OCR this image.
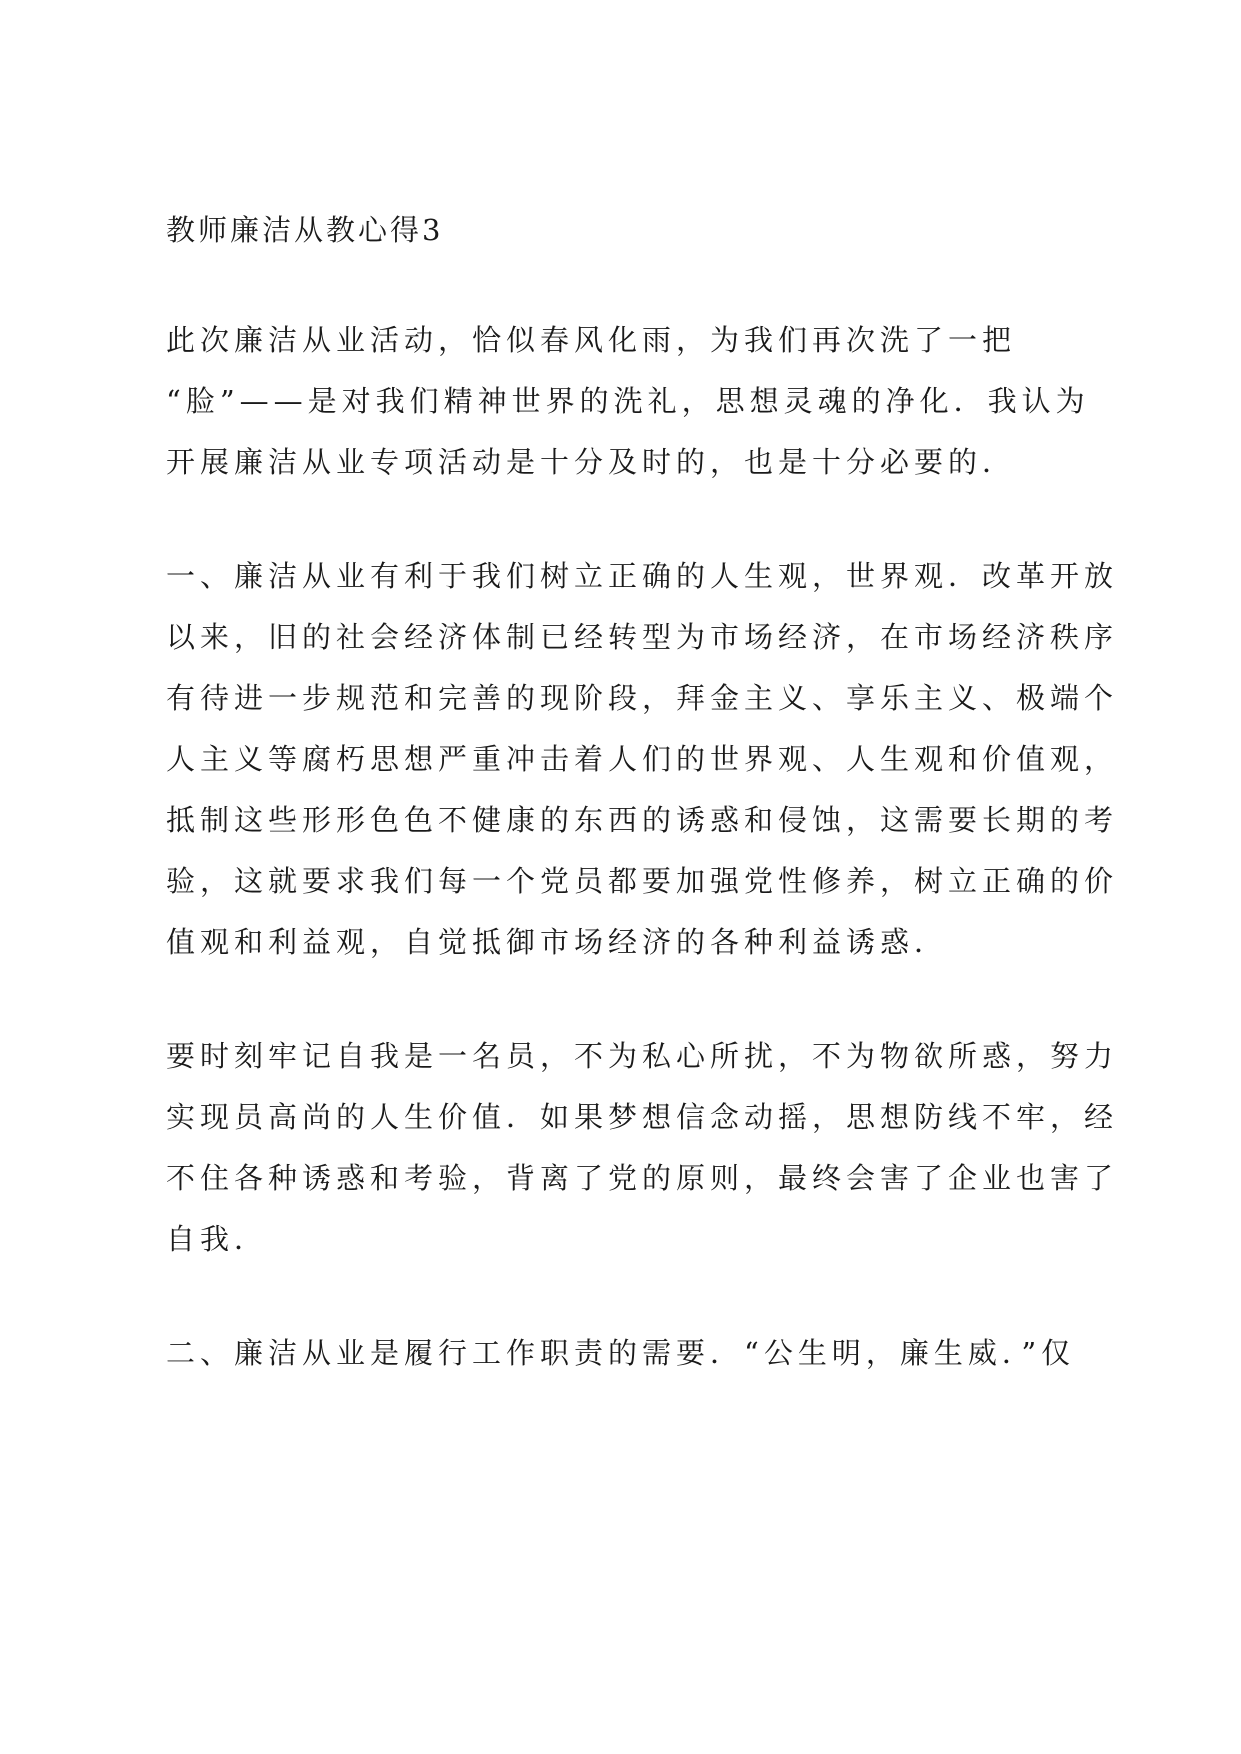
教师廉洁从教心得3

此次廉洁从业活动，恰似春风化雨，为我们再次洗了一把

“脸”——是对我们精神世界的洗礼，思想灵魂的净化．我认为

开展廉洁从业专项活动是十分及时的，也是十分必要的．

一、廉洁从业有利于我们树立正确的人生观，世界观．改革开放

以来，旧的社会经济体制已经转型为市场经济，在市场经济秩序

有待进一步规范和完善的现阶段，拜金主义、享乐主义、极端个

人主义等腐朽思想严重冲击着人们的世界观、人生观和价值观，

抵制这些形形色色不健康的东西的诱惑和侵蚀，这需要长期的考

验，这就要求我们每一个党员都要加强党性修养，树立正确的价

值观和利益观，自觉抵御市场经济的各种利益诱惑．

要时刻牢记自我是一名员，不为私心所扰，不为物欲所惑，努力

实现员高尚的人生价值．如果梦想信念动摇，思想防线不牢，经

不住各种诱惑和考验，背离了党的原则，最终会害了企业也害了

自我．

二、廉洁从业是履行工作职责的需要．“公生明，廉生威．”仅
